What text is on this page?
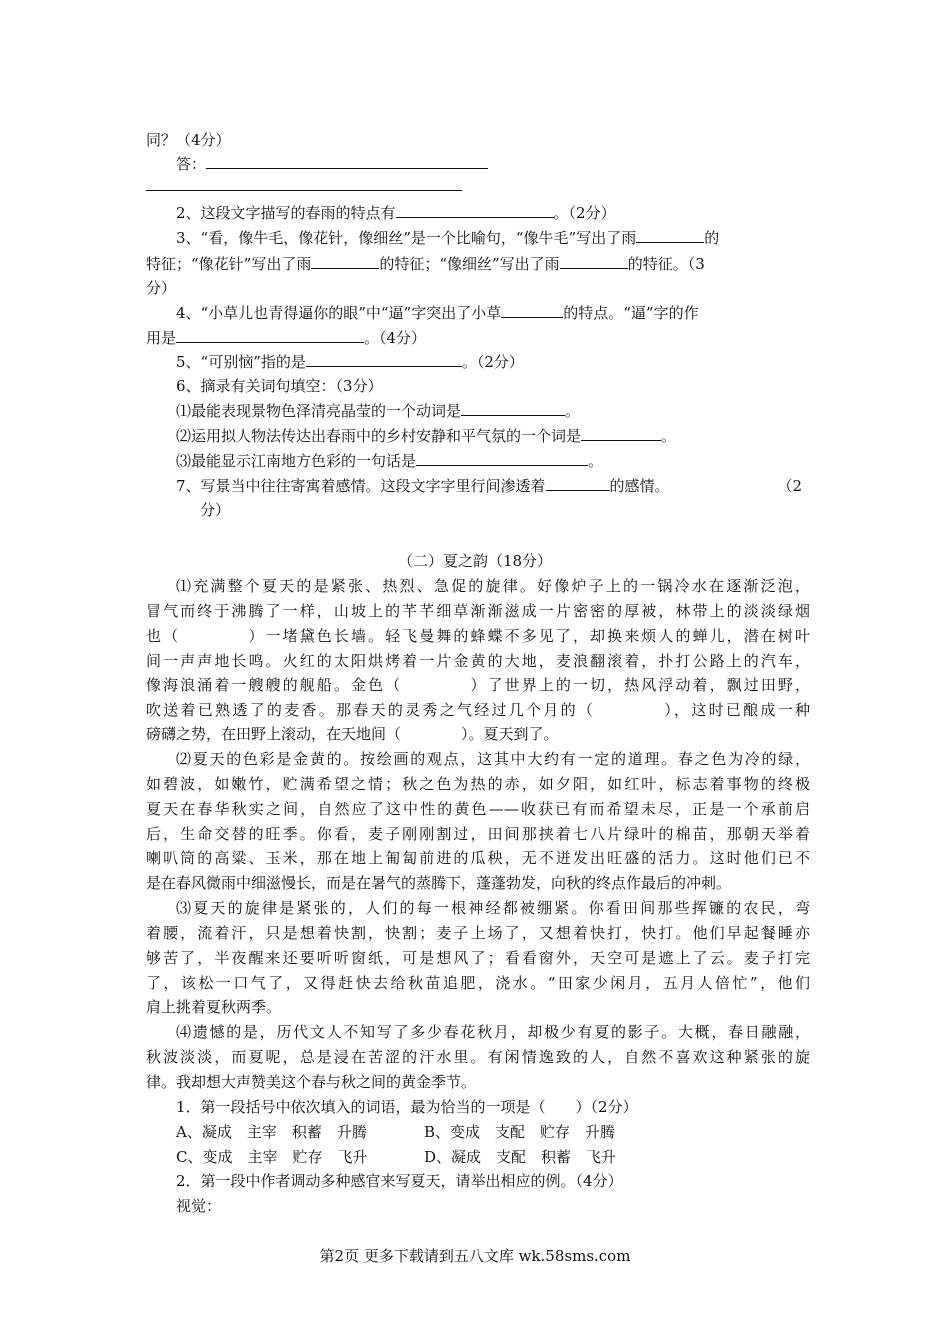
同？（4分）
答：
2、这段文字描写的春雨的特点有	。（2分）
3、“看，像牛毛，像花针，像细丝”是一个比喻句，“像牛毛”写出了雨	的
特征；“像花针”写出了雨	的特征；“像细丝”写出了雨	的特征。（3
分）
4、“小草儿也青得逼你的眼”中“逼”字突出了小草	的特点。“逼”字的作
用是	。（4分）
5、“可别恼”指的是	。（2分）
6、摘录有关词句填空：（3分）
⑴最能表现景物色泽清亮晶莹的一个动词是	。
⑵运用拟人物法传达出春雨中的乡村安静和平气氛的一个词是	。
⑶最能显示江南地方色彩的一句话是	。
7、写景当中往往寄寓着感情。这段文字字里行间渗透着	的感情。	（2
分）
（二）夏之韵（18分）
⑴充满整个夏天的是紧张、热烈、急促的旋律。好像炉子上的一锅冷水在逐渐泛泡，
冒气而终于沸腾了一样，山坡上的芊芊细草渐渐滋成一片密密的厚被，林带上的淡淡绿烟
也（　　　　）一堵黛色长墙。轻飞曼舞的蜂蝶不多见了，却换来烦人的蝉儿，潜在树叶
间一声声地长鸣。火红的太阳烘烤着一片金黄的大地，麦浪翻滚着，扑打公路上的汽车，
像海浪涌着一艘艘的舰船。金色（　　　　）了世界上的一切，热风浮动着，飘过田野，
吹送着已熟透了的麦香。那春天的灵秀之气经过几个月的（　　　　），这时已酿成一种
磅礴之势，在田野上滚动，在天地间（　　　　）。夏天到了。
⑵夏天的色彩是金黄的。按绘画的观点，这其中大约有一定的道理。春之色为冷的绿，
如碧波，如嫩竹，贮满希望之情；秋之色为热的赤，如夕阳，如红叶，标志着事物的终极
夏天在春华秋实之间，自然应了这中性的黄色——收获已有而希望未尽，正是一个承前启
后，生命交替的旺季。你看，麦子刚刚割过，田间那挟着七八片绿叶的棉苗，那朝天举着
喇叭筒的高粱、玉米，那在地上匍匐前进的瓜秧，无不迸发出旺盛的活力。这时他们已不
是在春风微雨中细滋慢长，而是在暑气的蒸腾下，蓬蓬勃发，向秋的终点作最后的冲刺。
⑶夏天的旋律是紧张的，人们的每一根神经都被绷紧。你看田间那些挥镰的农民，弯
着腰，流着汗，只是想着快割，快割；麦子上场了，又想着快打，快打。他们早起餐睡亦
够苦了，半夜醒来还要听听窗纸，可是想风了；看看窗外，天空可是遮上了云。麦子打完
了，该松一口气了，又得赶快去给秋苗追肥，浇水。“田家少闲月，五月人倍忙”，他们
肩上挑着夏秋两季。
⑷遗憾的是，历代文人不知写了多少春花秋月，却极少有夏的影子。大概，春日融融，
秋波淡淡，而夏呢，总是浸在苦涩的汗水里。有闲情逸致的人，自然不喜欢这种紧张的旋
律。我却想大声赞美这个春与秋之间的黄金季节。
1．第一段括号中依次填入的词语，最为恰当的一项是（　　）（2分）
A、凝成　主宰　积蓄　升腾	B、变成　支配　贮存　升腾
C、变成　主宰　贮存　飞升	D、凝成　支配　积蓄　飞升
2．第一段中作者调动多种感官来写夏天，请举出相应的例。（4分）
视觉：
第2页 更多下载请到五八文库 wk.58sms.com
